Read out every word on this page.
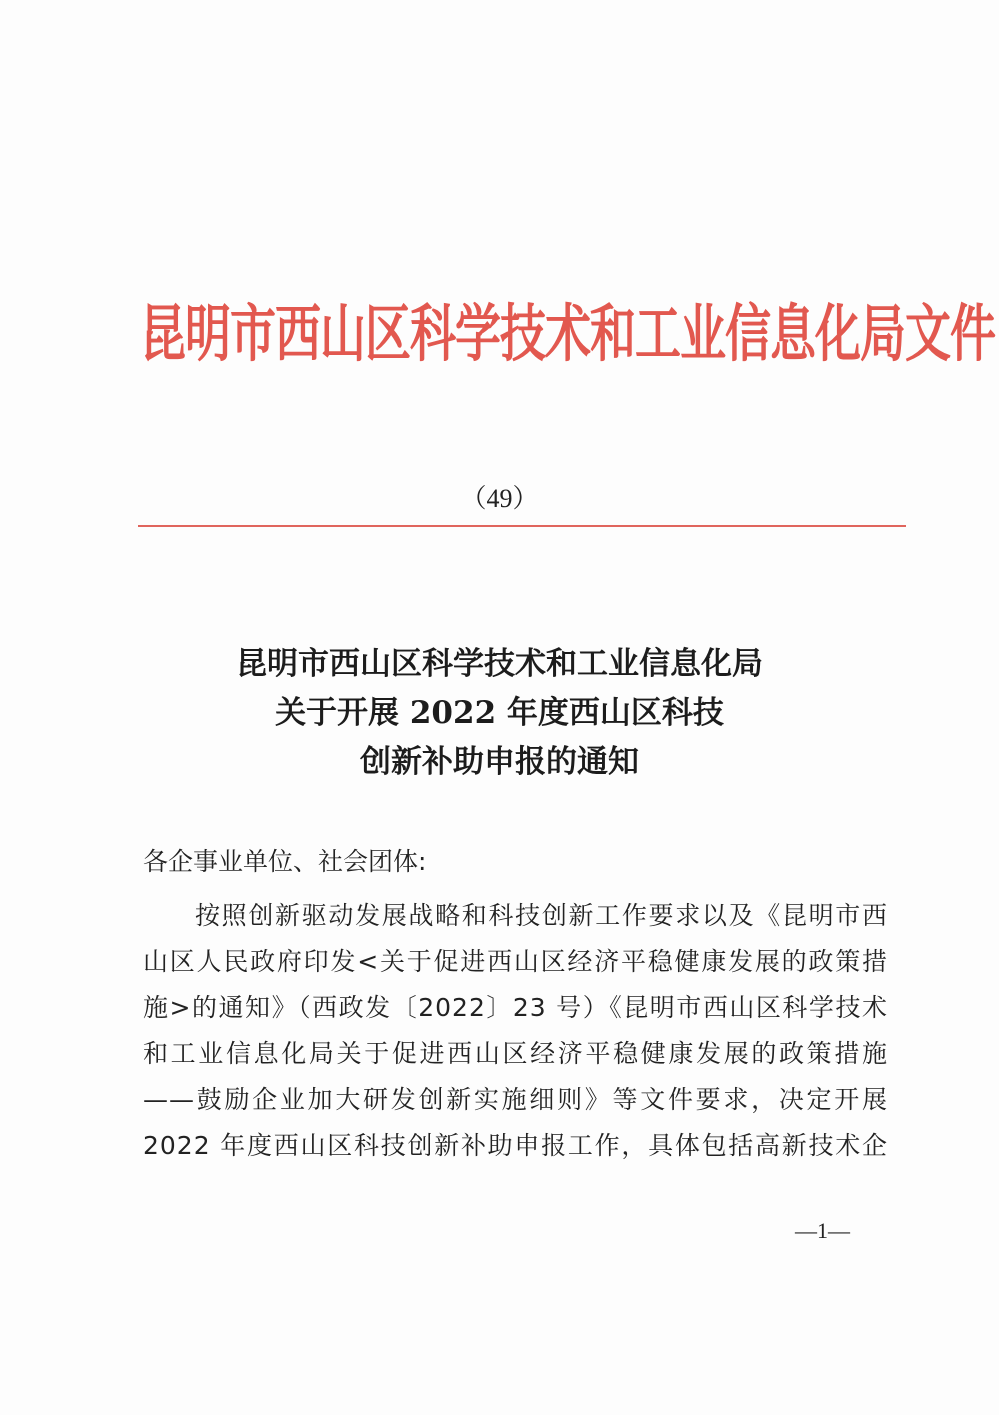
昆明市西山区科学技术和工业信息化局文件
（49）
昆明市西山区科学技术和工业信息化局
关于开展 2022 年度西山区科技
创新补助申报的通知
各企事业单位、社会团体:
按照创新驱动发展战略和科技创新工作要求以及《昆明市西
山区人民政府印发<关于促进西山区经济平稳健康发展的政策措
施>的通知》（西政发〔2022〕23 号）《昆明市西山区科学技术
和工业信息化局关于促进西山区经济平稳健康发展的政策措施
——鼓励企业加大研发创新实施细则》等文件要求，决定开展
2022 年度西山区科技创新补助申报工作，具体包括高新技术企
—1—
